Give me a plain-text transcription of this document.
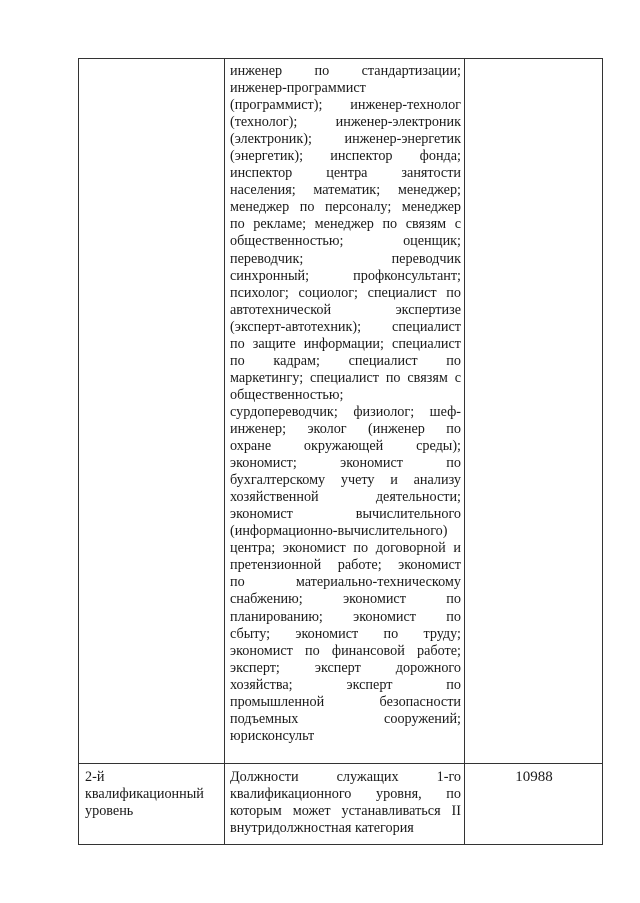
инженер по стандартизации;
инженер-программист
(программист); инженер-технолог
(технолог); инженер-электроник
(электроник); инженер-энергетик
(энергетик); инспектор фонда;
инспектор центра занятости
населения; математик; менеджер;
менеджер по персоналу; менеджер
по рекламе; менеджер по связям с
общественностью; оценщик;
переводчик; переводчик
синхронный; профконсультант;
психолог; социолог; специалист по
автотехнической экспертизе
(эксперт-автотехник); специалист
по защите информации; специалист
по кадрам; специалист по
маркетингу; специалист по связям с
общественностью;
сурдопереводчик; физиолог; шеф-
инженер; эколог (инженер по
охране окружающей среды);
экономист; экономист по
бухгалтерскому учету и анализу
хозяйственной деятельности;
экономист вычислительного
(информационно-вычислительного)
центра; экономист по договорной и
претензионной работе; экономист
по материально-техническому
снабжению; экономист по
планированию; экономист по
сбыту; экономист по труду;
экономист по финансовой работе;
эксперт; эксперт дорожного
хозяйства; эксперт по
промышленной безопасности
подъемных сооружений;
юрисконсульт
2-й
квалификационный
уровень
Должности служащих 1-го
квалификационного уровня, по
которым может устанавливаться II
внутридолжностная категория
10988
